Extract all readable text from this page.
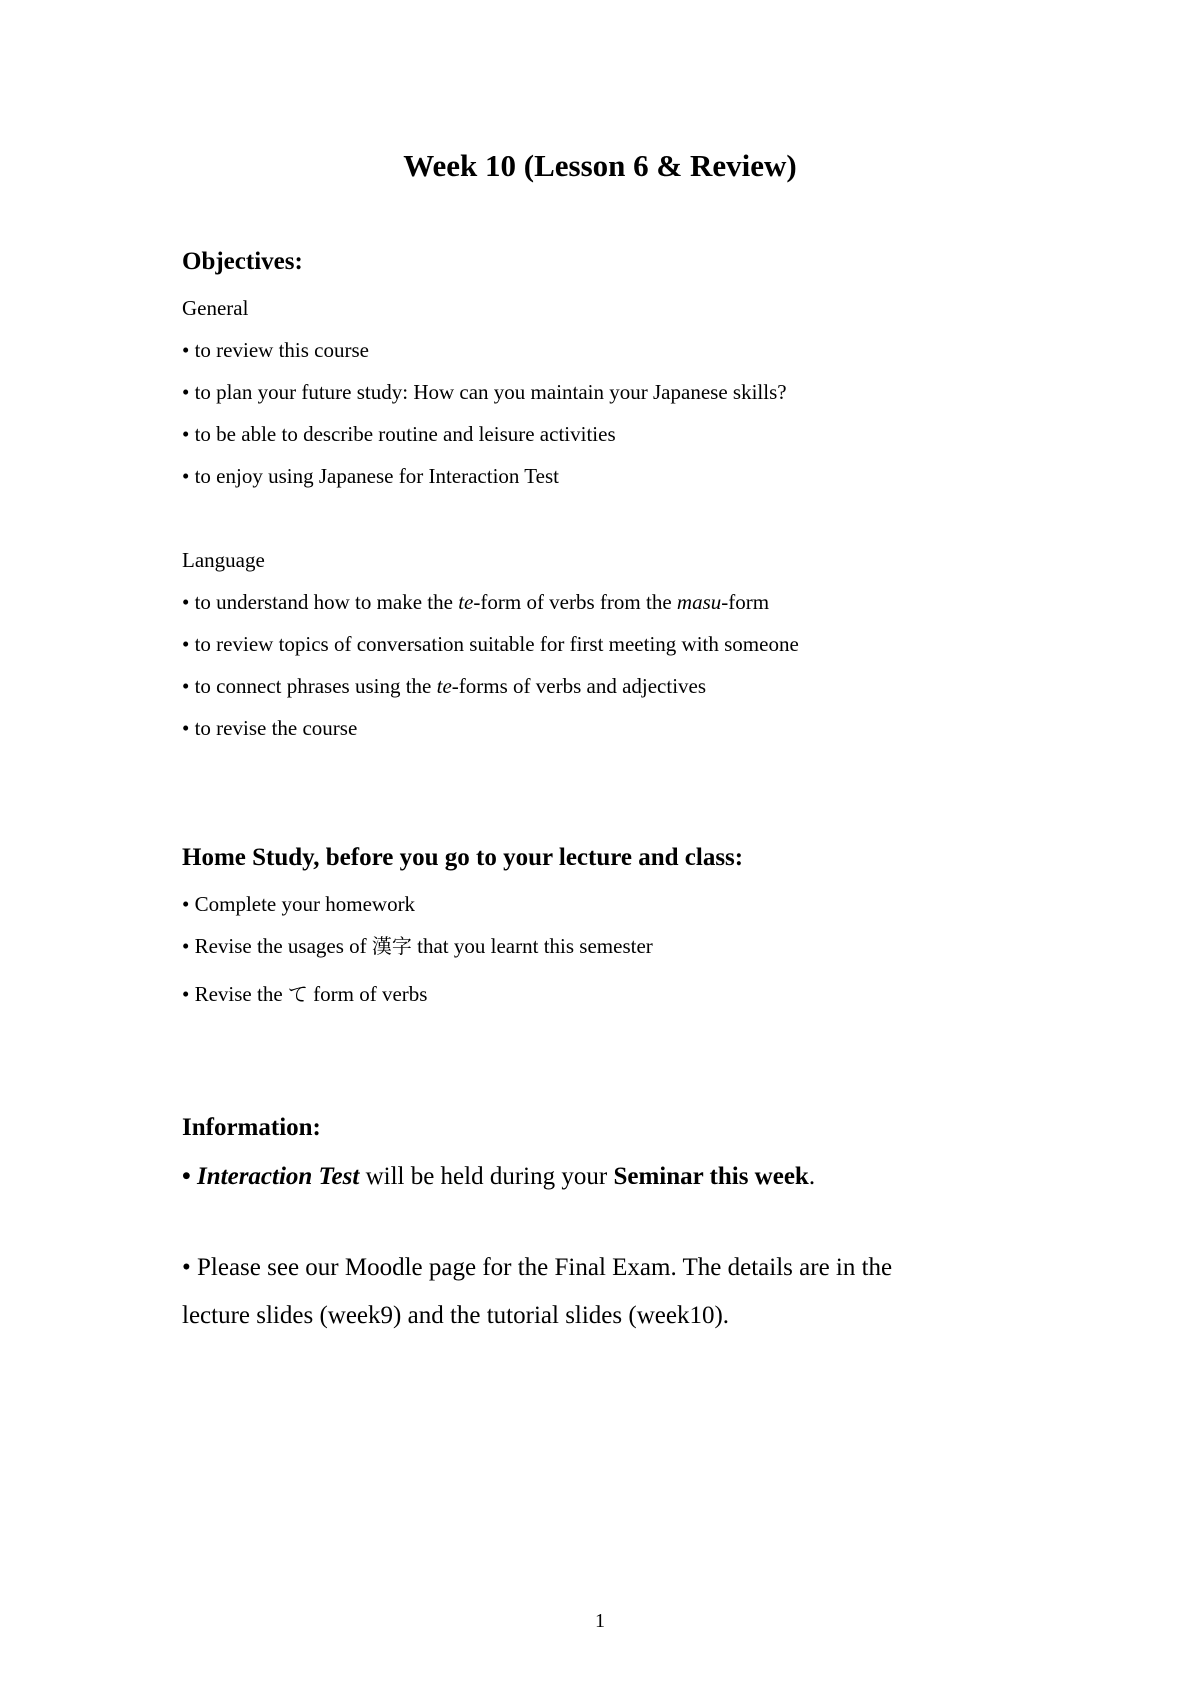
Week 10 (Lesson 6 & Review)
Objectives:
General
• to review this course
• to plan your future study: How can you maintain your Japanese skills?
• to be able to describe routine and leisure activities
• to enjoy using Japanese for Interaction Test
Language
• to understand how to make the te-form of verbs from the masu-form
• to review topics of conversation suitable for first meeting with someone
• to connect phrases using the te-forms of verbs and adjectives
• to revise the course
Home Study, before you go to your lecture and class:
• Complete your homework
• Revise the usages of 漢字 that you learnt this semester
• Revise the て form of verbs
Information:
• Interaction Test will be held during your Seminar this week.
• Please see our Moodle page for the Final Exam. The details are in the
lecture slides (week9) and the tutorial slides (week10).
1
